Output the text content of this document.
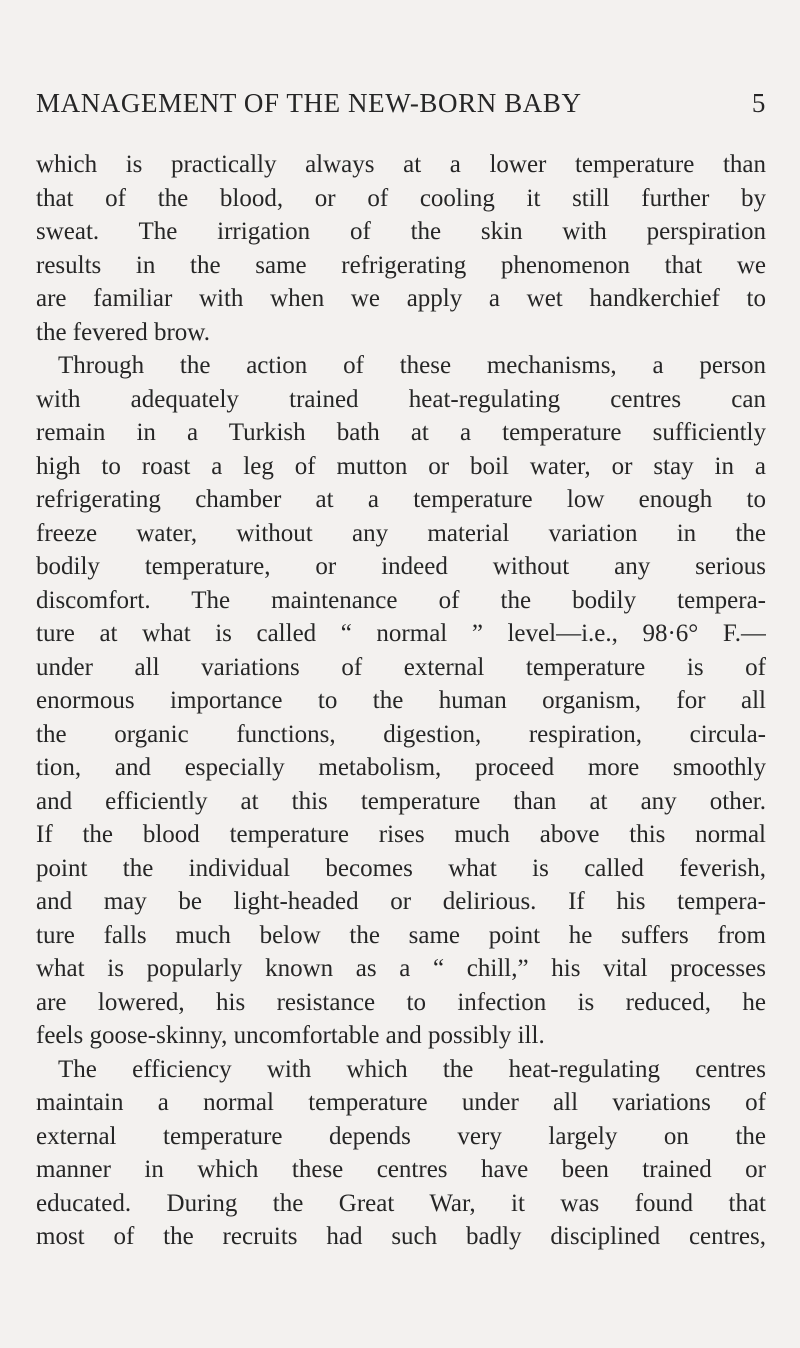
MANAGEMENT OF THE NEW-BORN BABY	5
which is practically always at a lower temperature than
that of the blood, or of cooling it still further by
sweat. The irrigation of the skin with perspiration
results in the same refrigerating phenomenon that we
are familiar with when we apply a wet handkerchief to
the fevered brow.
Through the action of these mechanisms, a person
with adequately trained heat-regulating centres can
remain in a Turkish bath at a temperature sufficiently
high to roast a leg of mutton or boil water, or stay in a
refrigerating chamber at a temperature low enough to
freeze water, without any material variation in the
bodily temperature, or indeed without any serious
discomfort. The maintenance of the bodily tempera-
ture at what is called “ normal ” level—i.e., 98·6° F.—
under all variations of external temperature is of
enormous importance to the human organism, for all
the organic functions, digestion, respiration, circula-
tion, and especially metabolism, proceed more smoothly
and efficiently at this temperature than at any other.
If the blood temperature rises much above this normal
point the individual becomes what is called feverish,
and may be light-headed or delirious. If his tempera-
ture falls much below the same point he suffers from
what is popularly known as a “ chill,” his vital processes
are lowered, his resistance to infection is reduced, he
feels goose-skinny, uncomfortable and possibly ill.
The efficiency with which the heat-regulating centres
maintain a normal temperature under all variations of
external temperature depends very largely on the
manner in which these centres have been trained or
educated. During the Great War, it was found that
most of the recruits had such badly disciplined centres,
